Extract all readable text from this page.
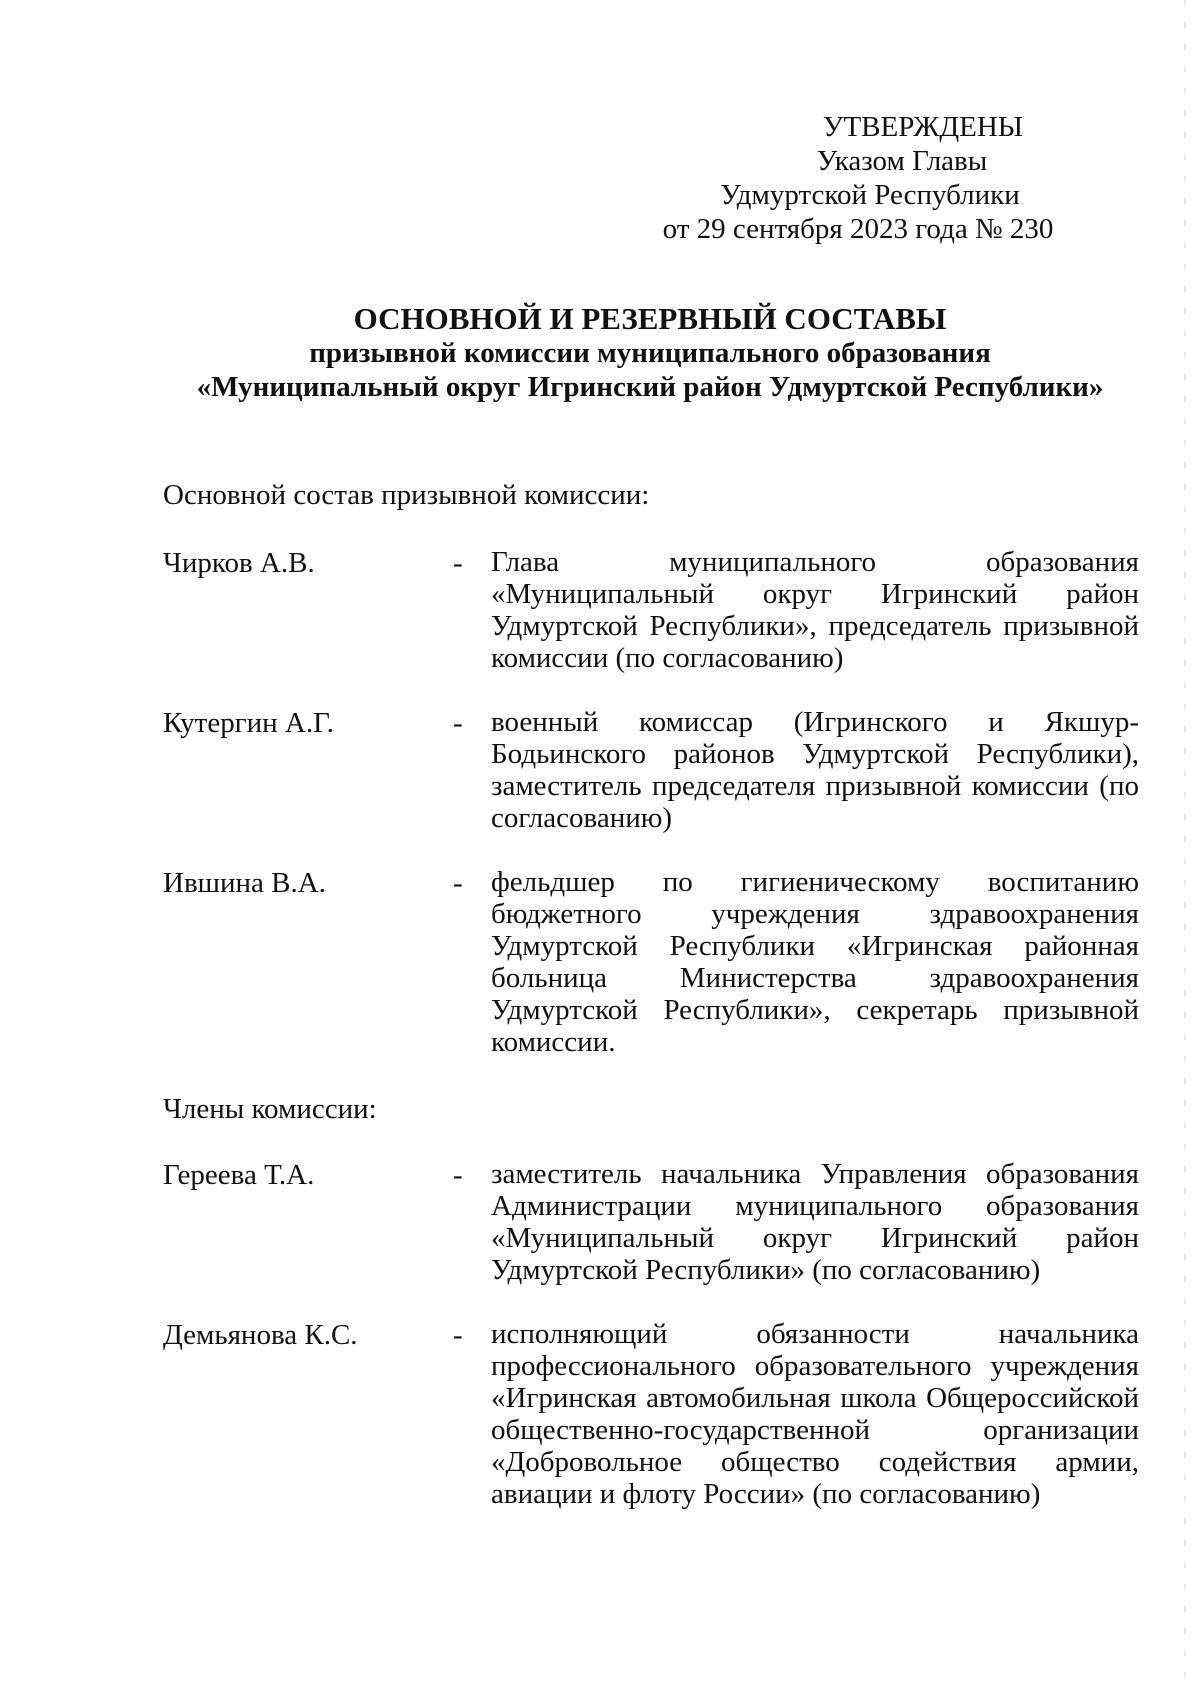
УТВЕРЖДЕНЫ
Указом Главы
Удмуртской Республики
от 29 сентября 2023 года № 230
ОСНОВНОЙ И РЕЗЕРВНЫЙ СОСТАВЫ
призывной комиссии муниципального образования
«Муниципальный округ Игринский район Удмуртской Республики»
Основной состав призывной комиссии:
Чирков А.В.	- Глава муниципального образования «Муниципальный округ Игринский район Удмуртской Республики», председатель призывной комиссии (по согласованию)
Кутергин А.Г.	- военный комиссар (Игринского и Якшур-Бодьинского районов Удмуртской Республики), заместитель председателя призывной комиссии (по согласованию)
Ившина В.А.	- фельдшер по гигиеническому воспитанию бюджетного учреждения здравоохранения Удмуртской Республики «Игринская районная больница Министерства здравоохранения Удмуртской Республики», секретарь призывной комиссии.
Члены комиссии:
Гереева Т.А.	- заместитель начальника Управления образования Администрации муниципального образования «Муниципальный округ Игринский район Удмуртской Республики» (по согласованию)
Демьянова К.С.	- исполняющий обязанности начальника профессионального образовательного учреждения «Игринская автомобильная школа Общероссийской общественно-государственной организации «Добровольное общество содействия армии, авиации и флоту России» (по согласованию)
